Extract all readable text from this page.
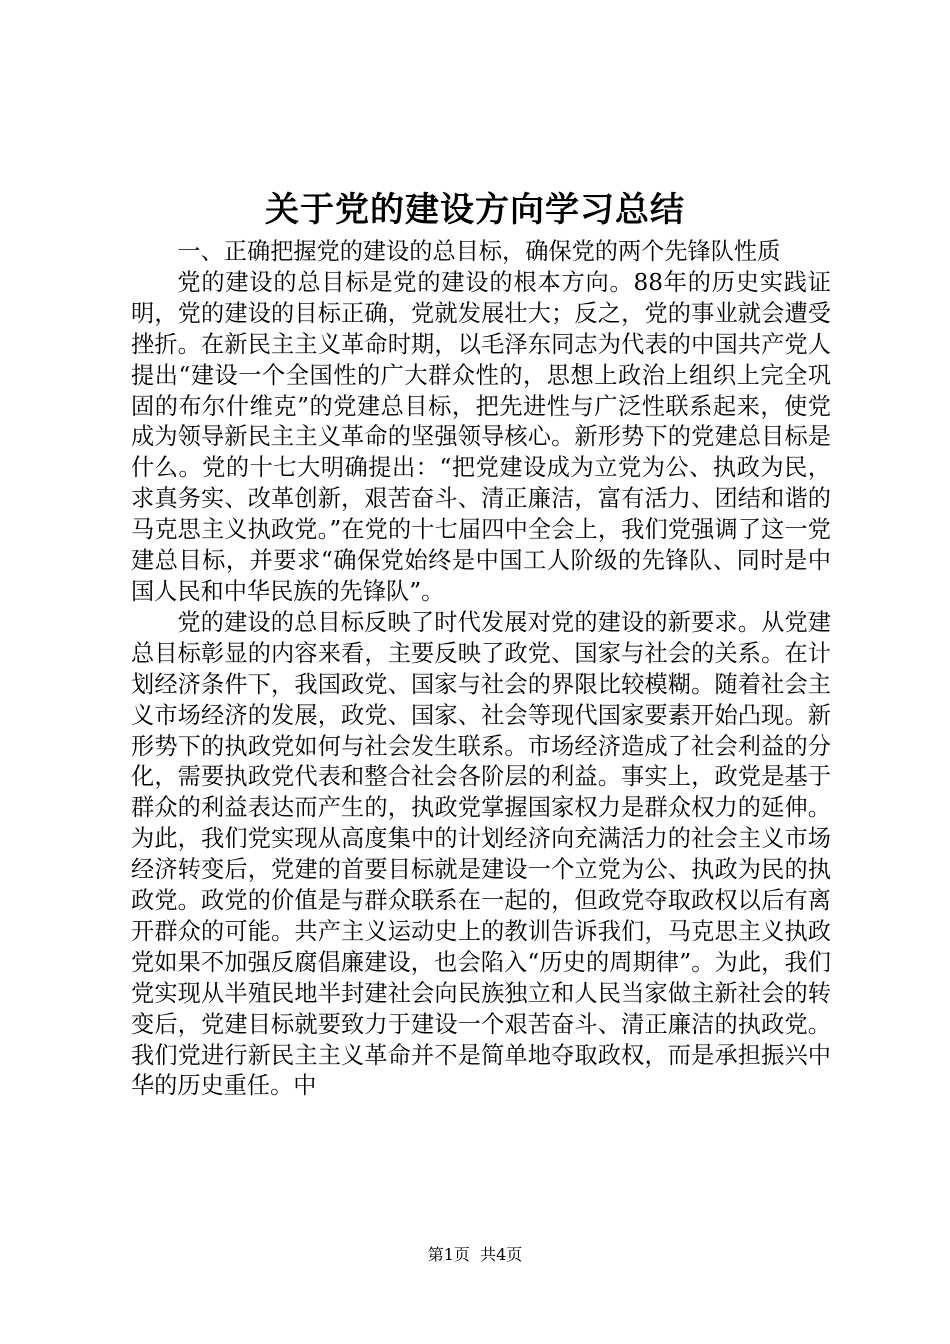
关于党的建设方向学习总结

一、正确把握党的建设的总目标，确保党的两个先锋队性质

党的建设的总目标是党的建设的根本方向。88年的历史实践证明，党的建设的目标正确，党就发展壮大；反之，党的事业就会遭受挫折。在新民主主义革命时期，以毛泽东同志为代表的中国共产党人提出“建设一个全国性的广大群众性的，思想上政治上组织上完全巩固的布尔什维克”的党建总目标，把先进性与广泛性联系起来，使党成为领导新民主主义革命的坚强领导核心。新形势下的党建总目标是什么。党的十七大明确提出：“把党建设成为立党为公、执政为民，求真务实、改革创新，艰苦奋斗、清正廉洁，富有活力、团结和谐的马克思主义执政党。”在党的十七届四中全会上，我们党强调了这一党建总目标，并要求“确保党始终是中国工人阶级的先锋队、同时是中国人民和中华民族的先锋队”。

党的建设的总目标反映了时代发展对党的建设的新要求。从党建总目标彰显的内容来看，主要反映了政党、国家与社会的关系。在计划经济条件下，我国政党、国家与社会的界限比较模糊。随着社会主义市场经济的发展，政党、国家、社会等现代国家要素开始凸现。新形势下的执政党如何与社会发生联系。市场经济造成了社会利益的分化，需要执政党代表和整合社会各阶层的利益。事实上，政党是基于群众的利益表达而产生的，执政党掌握国家权力是群众权力的延伸。为此，我们党实现从高度集中的计划经济向充满活力的社会主义市场经济转变后，党建的首要目标就是建设一个立党为公、执政为民的执政党。政党的价值是与群众联系在一起的，但政党夺取政权以后有离开群众的可能。共产主义运动史上的教训告诉我们，马克思主义执政党如果不加强反腐倡廉建设，也会陷入“历史的周期律”。为此，我们党实现从半殖民地半封建社会向民族独立和人民当家做主新社会的转变后，党建目标就要致力于建设一个艰苦奋斗、清正廉洁的执政党。我们党进行新民主主义革命并不是简单地夺取政权，而是承担振兴中华的历史重任。中

第1页 共4页
